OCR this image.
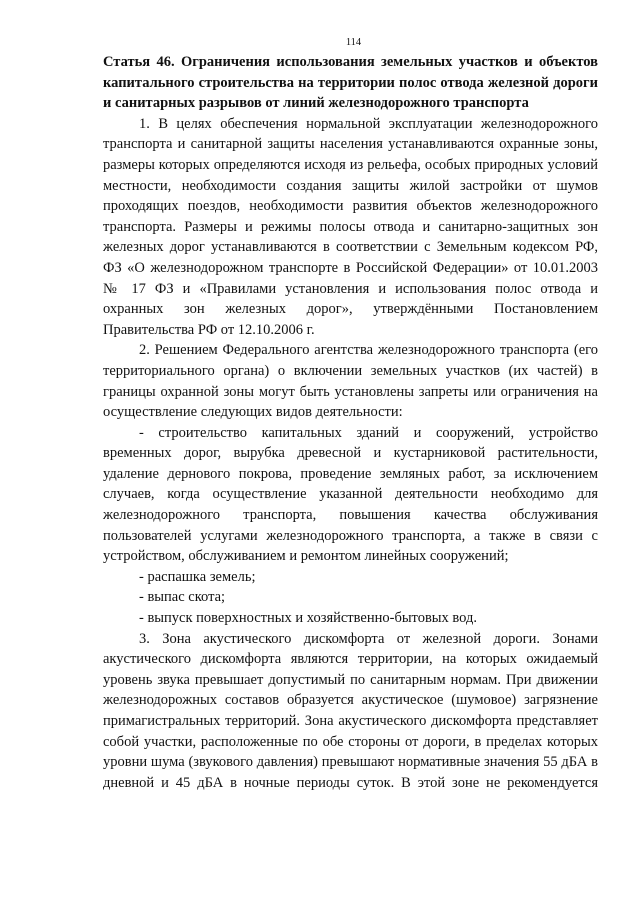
114

Статья 46. Ограничения использования земельных участков и объектов капитального строительства на территории полос отвода железной дороги и санитарных разрывов от линий железнодорожного транспорта

1. В целях обеспечения нормальной эксплуатации железнодорожного транспорта и санитарной защиты населения устанавливаются охранные зоны, размеры которых определяются исходя из рельефа, особых природных условий местности, необходимости создания защиты жилой застройки от шумов проходящих поездов, необходимости развития объектов железнодорожного транспорта. Размеры и режимы полосы отвода и санитарно-защитных зон железных дорог устанавливаются в соответствии с Земельным кодексом РФ, ФЗ «О железнодорожном транспорте в Российской Федерации» от 10.01.2003 № 17 ФЗ и «Правилами установления и использования полос отвода и охранных зон железных дорог», утверждёнными Постановлением Правительства РФ от 12.10.2006 г.

2. Решением Федерального агентства железнодорожного транспорта (его территориального органа) о включении земельных участков (их частей) в границы охранной зоны могут быть установлены запреты или ограничения на осуществление следующих видов деятельности:

- строительство капитальных зданий и сооружений, устройство временных дорог, вырубка древесной и кустарниковой растительности, удаление дернового покрова, проведение земляных работ, за исключением случаев, когда осуществление указанной деятельности необходимо для железнодорожного транспорта, повышения качества обслуживания пользователей услугами железнодорожного транспорта, а также в связи с устройством, обслуживанием и ремонтом линейных сооружений;

- распашка земель;

- выпас скота;

- выпуск поверхностных и хозяйственно-бытовых вод.

3. Зона акустического дискомфорта от железной дороги. Зонами акустического дискомфорта являются территории, на которых ожидаемый уровень звука превышает допустимый по санитарным нормам. При движении железнодорожных составов образуется акустическое (шумовое) загрязнение примагистральных территорий. Зона акустического дискомфорта представляет собой участки, расположенные по обе стороны от дороги, в пределах которых уровни шума (звукового давления) превышают нормативные значения 55 дБА в дневной и 45 дБА в ночные периоды суток. В этой зоне не рекомендуется
